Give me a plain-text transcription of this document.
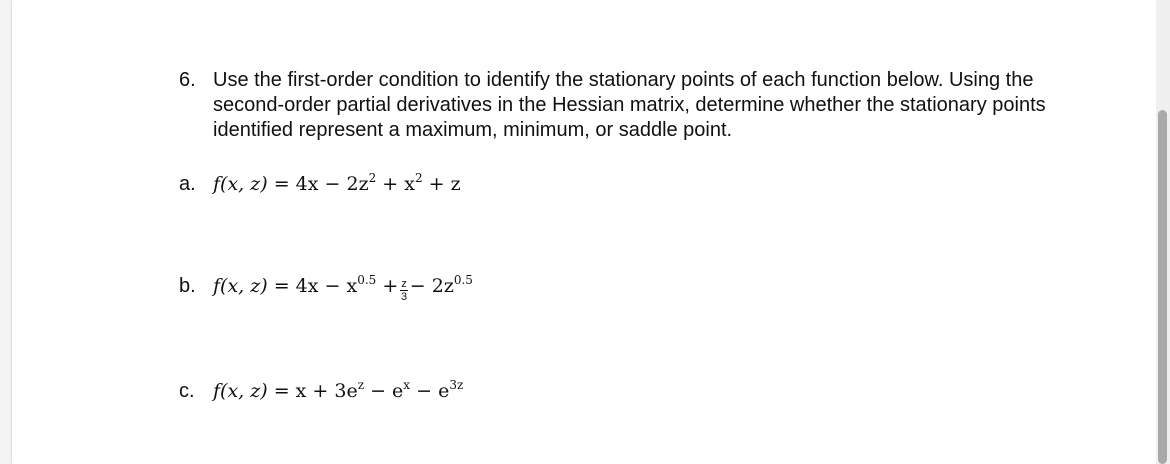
6. Use the first-order condition to identify the stationary points of each function below. Using the second-order partial derivatives in the Hessian matrix, determine whether the stationary points identified represent a maximum, minimum, or saddle point.
a. f(x, $z) = 4x - 2z^2 + x^2 + z$
b. f(x, $z) = 4x - x^{0.5} + \frac{z}{3} - 2z^{0.5}$
c. f(x, $z) = x + 3e^z - e^x - e^{3z}$
